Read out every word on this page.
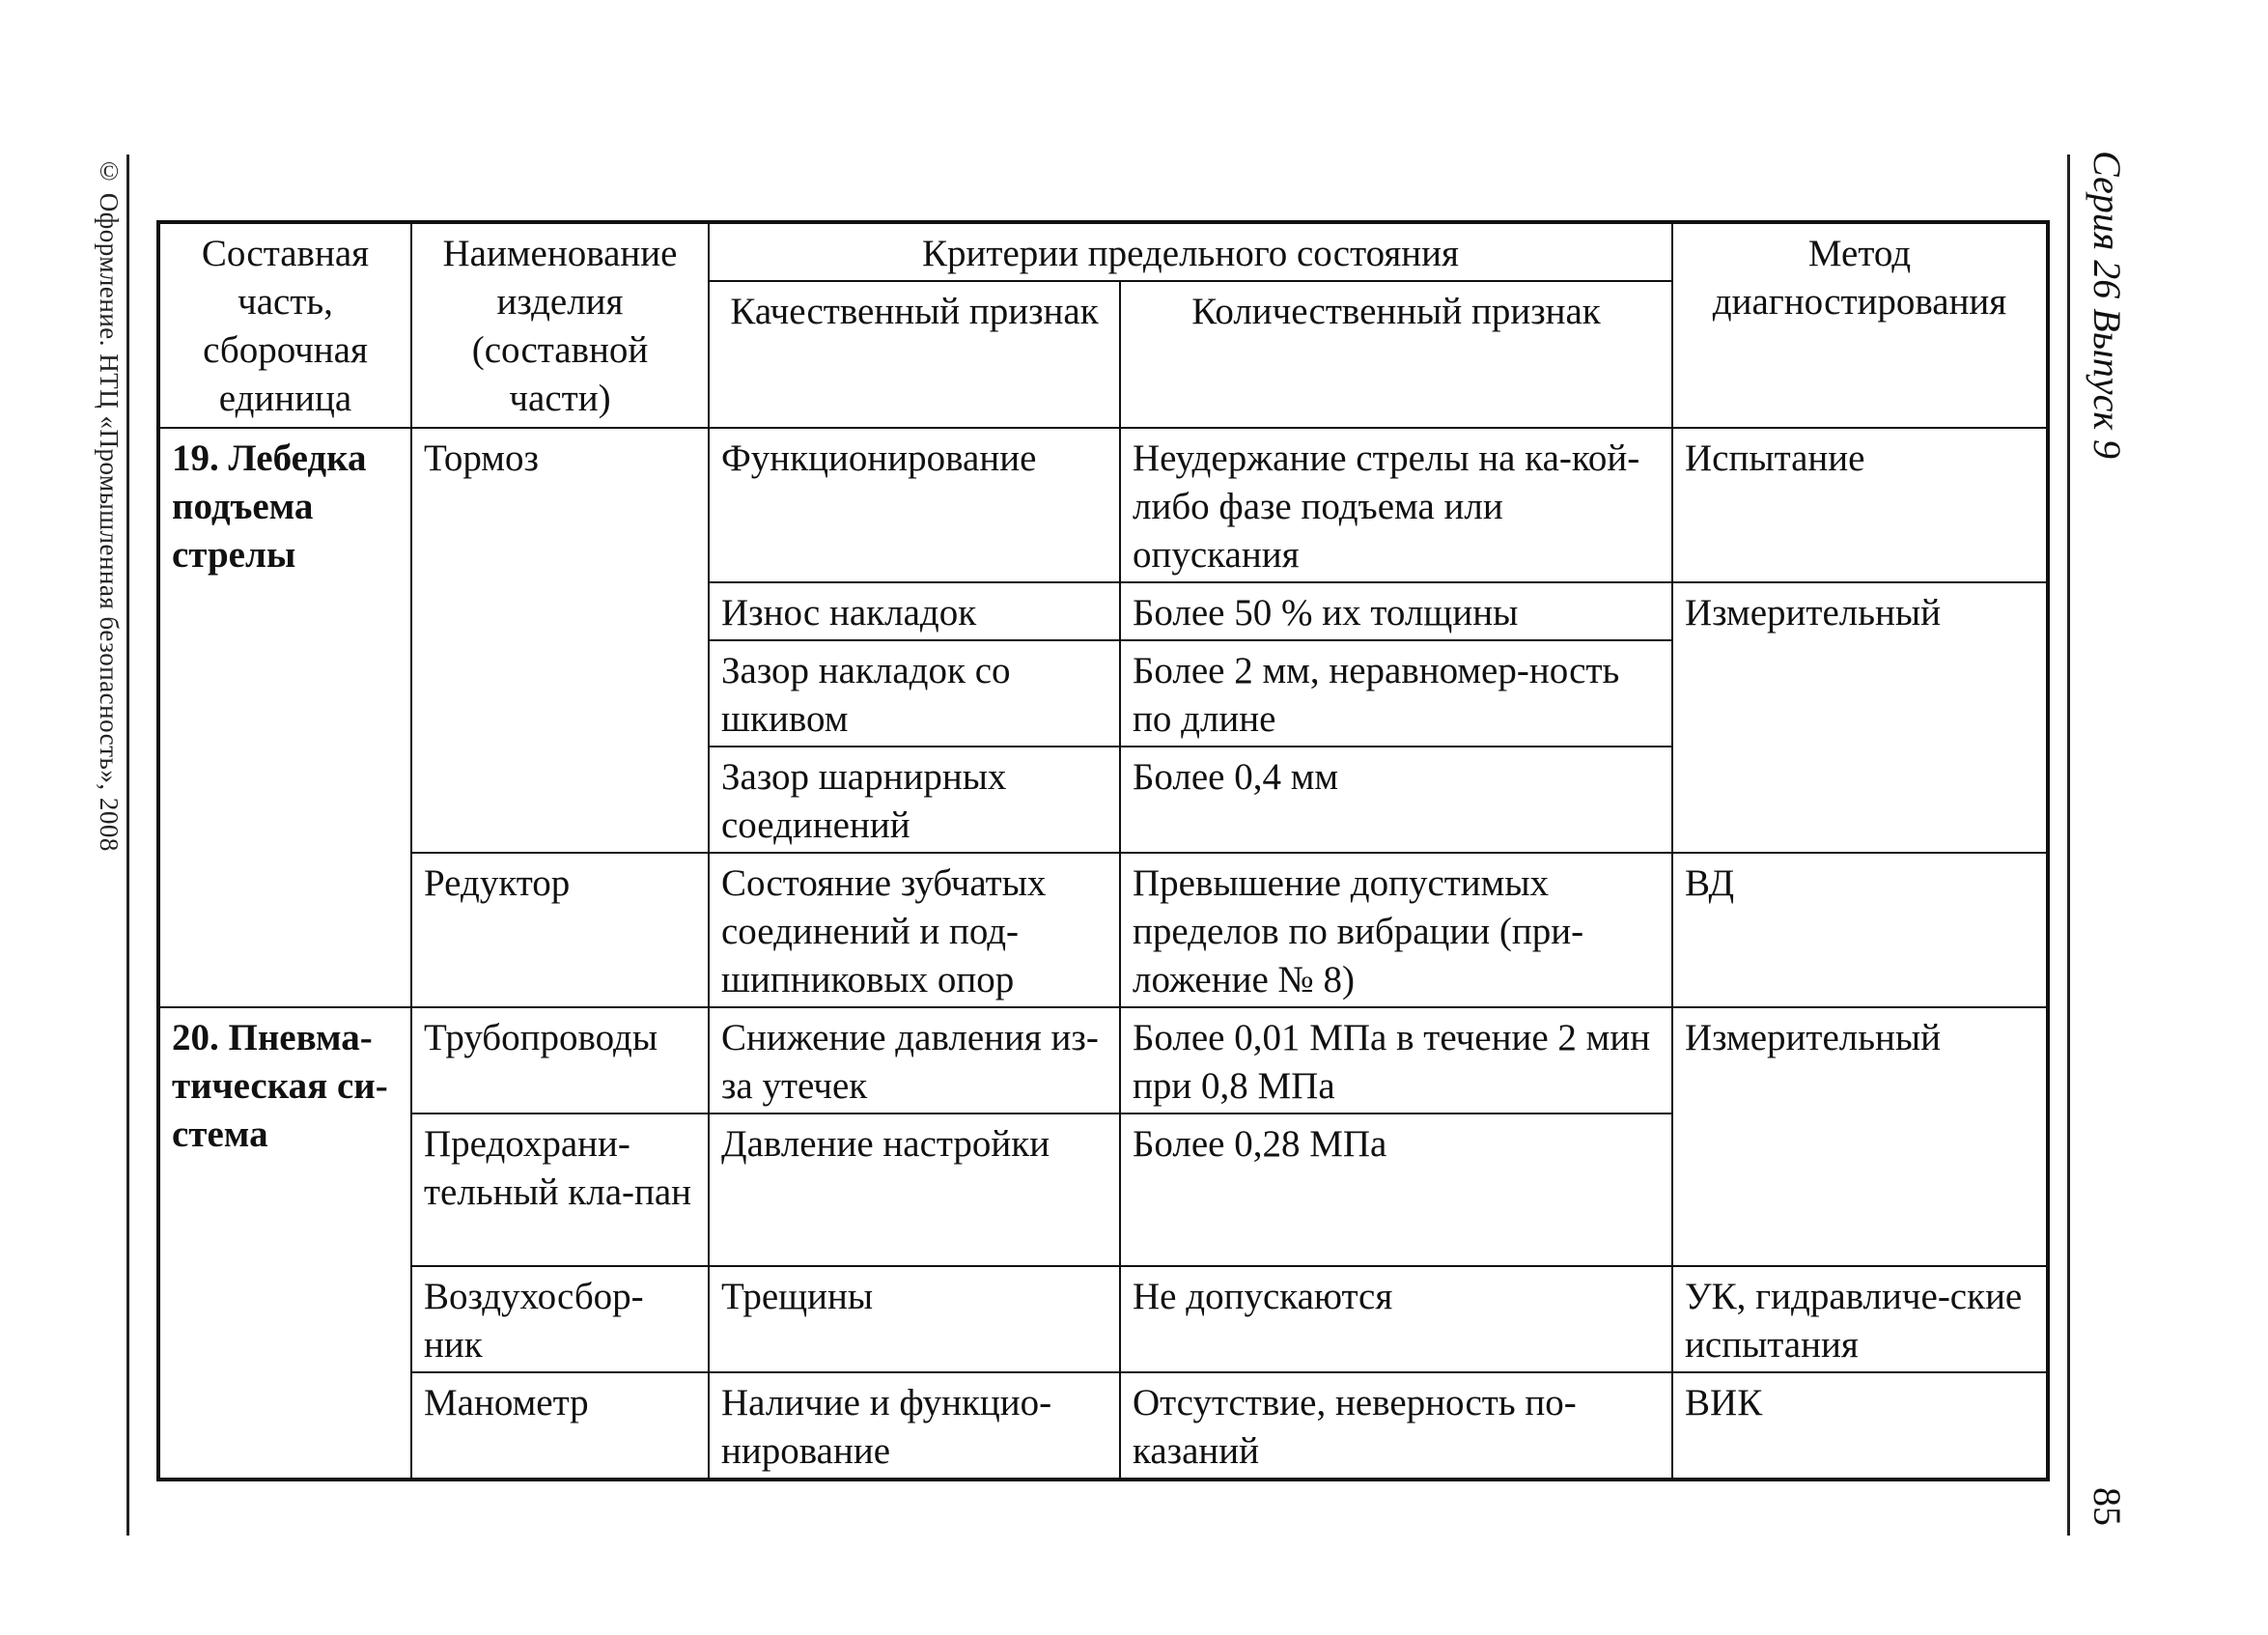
© Оформление. НТЦ «Промышленная безопасность», 2008	Серия 26 Выпуск 9
85
Составная часть, сборочная единица	Наименование изделия (составной части)	Критерии предельного состояния		Метод диагностирования
		Качественный признак	Количественный признак	
19. Лебедка подъема стрелы	Тормоз	Функционирование	Неудержание стрелы на ка-кой-либо фазе подъема или опускания	Испытание
		Износ накладок	Более 50 % их толщины	Измерительный
		Зазор накладок со шкивом	Более 2 мм, неравномер-ность по длине	
		Зазор шарнирных соединений	Более 0,4 мм	
	Редуктор	Состояние зубчатых соединений и под-шипниковых опор	Превышение допустимых пределов по вибрации (при-ложение № 8)	ВД
20. Пневма-тическая си-стема	Трубопроводы	Снижение давления из-за утечек	Более 0,01 МПа в течение 2 мин при 0,8 МПа	Измерительный
	Предохрани-тельный кла-пан	Давление настройки	Более 0,28 МПа	
	Воздухосбор-ник	Трещины	Не допускаются	УК, гидравличе-ские испытания
	Манометр	Наличие и функцио-нирование	Отсутствие, неверность по-казаний	ВИК
